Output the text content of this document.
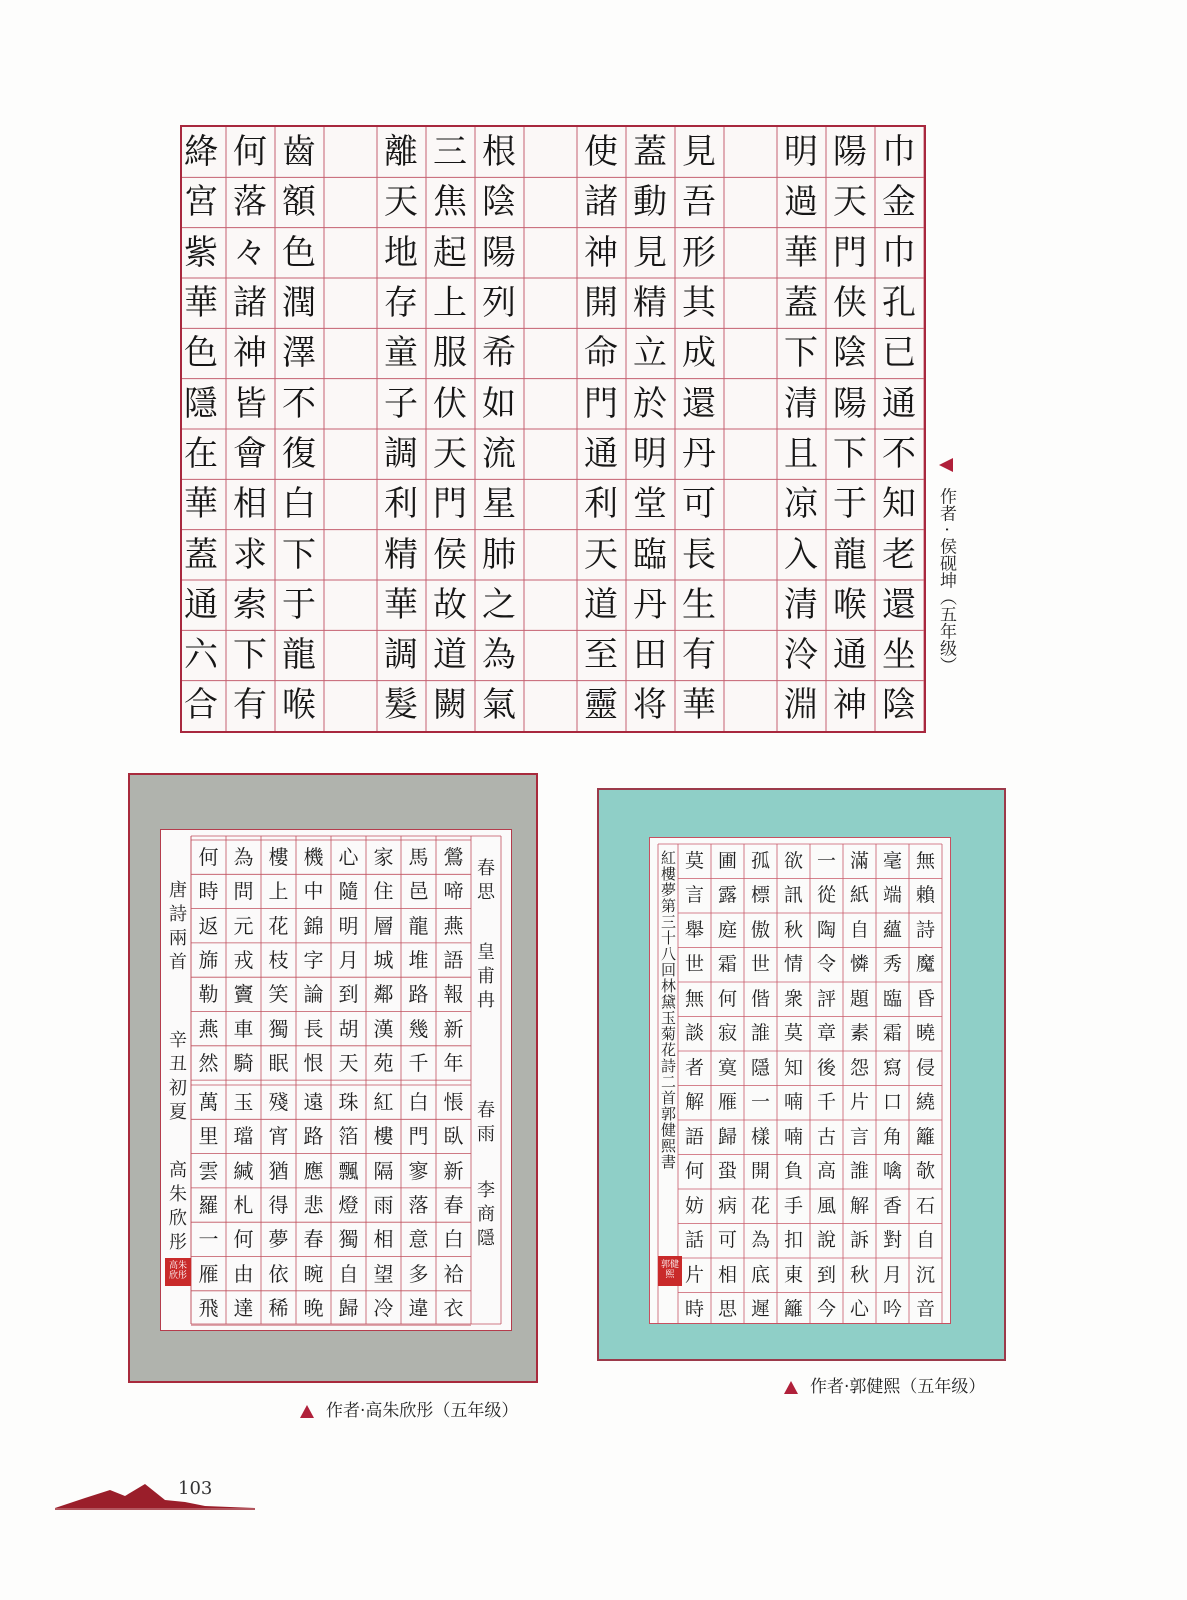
巾
金
巾
孔
已
通
不
知
老
還
坐
陰
陽
天
門
侠
陰
陽
下
于
龍
喉
通
神
明
過
華
蓋
下
清
且
凉
入
清
泠
淵
見
吾
形
其
成
還
丹
可
長
生
有
華
蓋
動
見
精
立
於
明
堂
臨
丹
田
将
使
諸
神
開
命
門
通
利
天
道
至
靈
根
陰
陽
列
希
如
流
星
肺
之
為
氣
三
焦
起
上
服
伏
天
門
侯
故
道
闕
離
天
地
存
童
子
調
利
精
華
調
髮
齒
額
色
潤
澤
不
復
白
下
于
龍
喉
何
落
々
諸
神
皆
會
相
求
索
下
有
絳
宮
紫
華
色
隱
在
華
蓋
通
六
合
作者 · 侯砚坤（五年级）
鶯
啼
燕
語
報
新
年
馬
邑
龍
堆
路
幾
千
家
住
層
城
鄰
漢
苑
心
隨
明
月
到
胡
天
機
中
錦
字
論
長
恨
樓
上
花
枝
笑
獨
眠
為
問
元
戎
竇
車
騎
何
時
返
旆
勒
燕
然
悵
臥
新
春
白
袷
衣
白
門
寥
落
意
多
違
紅
樓
隔
雨
相
望
冷
珠
箔
飄
燈
獨
自
歸
遠
路
應
悲
春
晼
晚
殘
宵
猶
得
夢
依
稀
玉
璫
緘
札
何
由
達
萬
里
雲
羅
一
雁
飛
春思
皇甫冉
春雨
李商隱
唐詩兩首
辛丑初夏
高朱欣彤
高朱欣彤
作者·高朱欣彤（五年级）
無
賴
詩
魔
昏
曉
侵
繞
籬
欹
石
自
沉
音
毫
端
蘊
秀
臨
霜
寫
口
角
噙
香
對
月
吟
滿
紙
自
憐
題
素
怨
片
言
誰
解
訴
秋
心
一
從
陶
令
評
章
後
千
古
高
風
說
到
今
欲
訊
秋
情
衆
莫
知
喃
喃
負
手
扣
東
籬
孤
標
傲
世
偕
誰
隱
一
樣
開
花
為
底
遲
圃
露
庭
霜
何
寂
寞
雁
歸
蛩
病
可
相
思
莫
言
舉
世
無
談
者
解
語
何
妨
話
片
時
紅樓夢第三十八回林黛玉菊花詩二首郭健熙書
郭健熙
作者·郭健熙（五年级）
103
